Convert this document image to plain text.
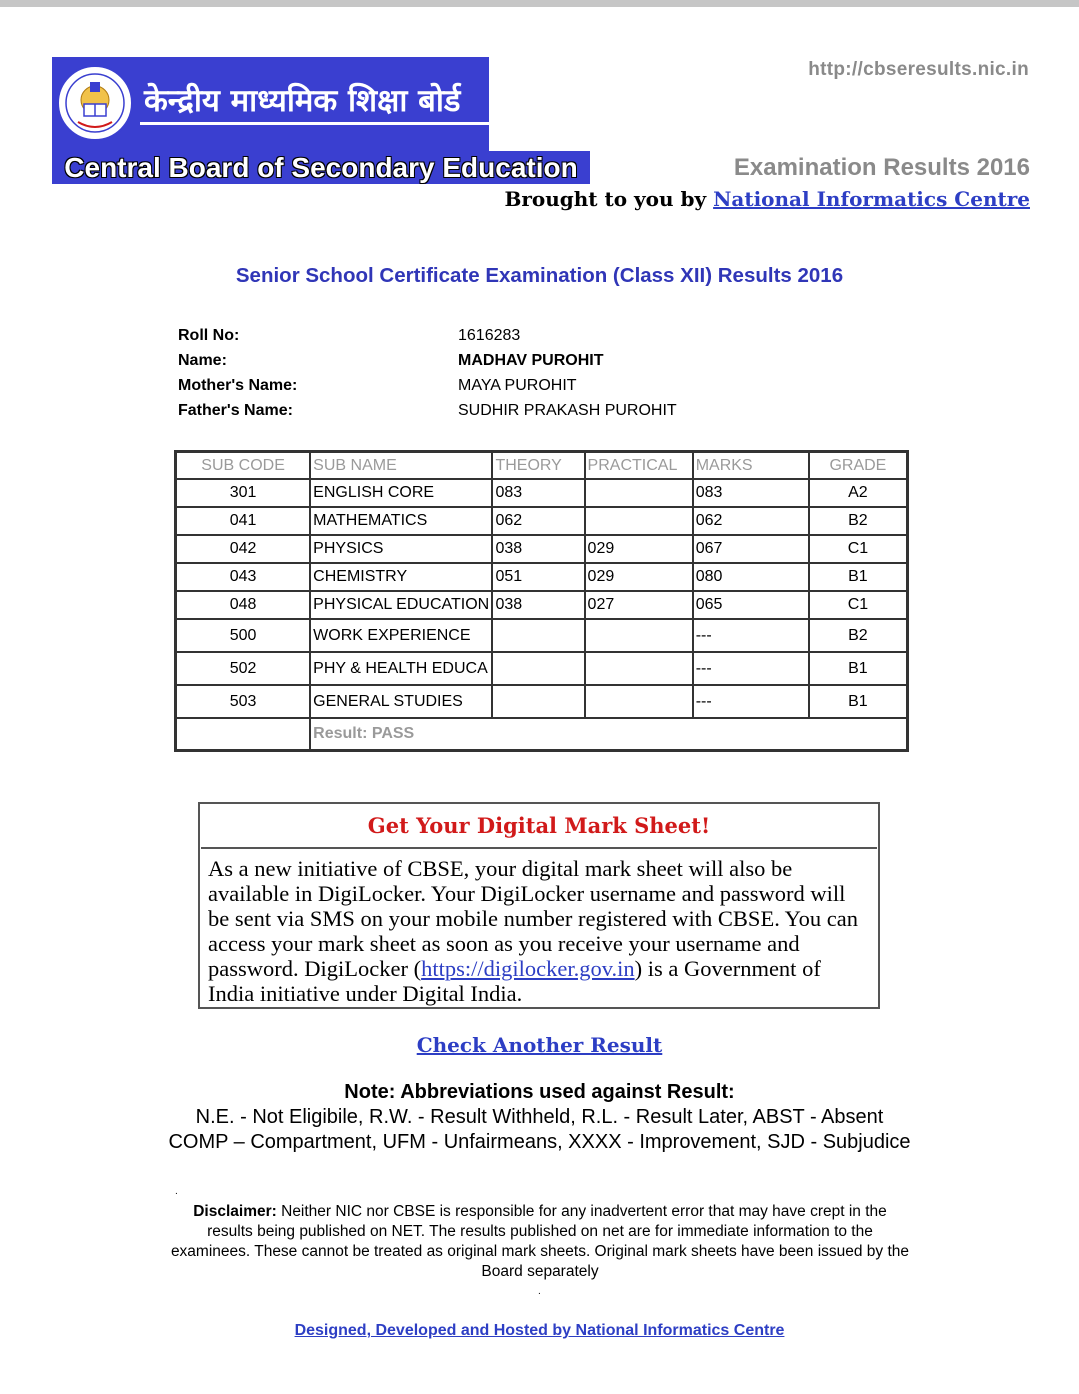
केन्द्रीय माध्यमिक शिक्षा बोर्ड
Central Board of Secondary Education
http://cbseresults.nic.in
Examination Results 2016
Brought to you by National Informatics Centre
Senior School Certificate Examination (Class XII) Results 2016
Roll No:	1616283
Name:	MADHAV PUROHIT
Mother's Name:	MAYA PUROHIT
Father's Name:	SUDHIR PRAKASH PUROHIT
SUB CODE	SUB NAME	THEORY	PRACTICAL	MARKS	GRADE
301	ENGLISH CORE	083		083	A2
041	MATHEMATICS	062		062	B2
042	PHYSICS	038	029	067	C1
043	CHEMISTRY	051	029	080	B1
048	PHYSICAL EDUCATION	038	027	065	C1
500	WORK EXPERIENCE			---	B2
502	PHY & HEALTH EDUCA			---	B1
503	GENERAL STUDIES			---	B1
	Result: PASS				
Get Your Digital Mark Sheet!
As a new initiative of CBSE, your digital mark sheet will also be available in DigiLocker. Your DigiLocker username and password will be sent via SMS on your mobile number registered with CBSE. You can access your mark sheet as soon as you receive your username and password. DigiLocker (https://digilocker.gov.in) is a Government of India initiative under Digital India.
Check Another Result
Note: Abbreviations used against Result:
N.E. - Not Eligibile, R.W. - Result Withheld, R.L. - Result Later, ABST - Absent
COMP – Compartment, UFM - Unfairmeans, XXXX - Improvement, SJD - Subjudice
.
Disclaimer: Neither NIC nor CBSE is responsible for any inadvertent error that may have crept in the results being published on NET. The results published on net are for immediate information to the examinees. These cannot be treated as original mark sheets. Original mark sheets have been issued by the Board separately
.
Designed, Developed and Hosted by National Informatics Centre
